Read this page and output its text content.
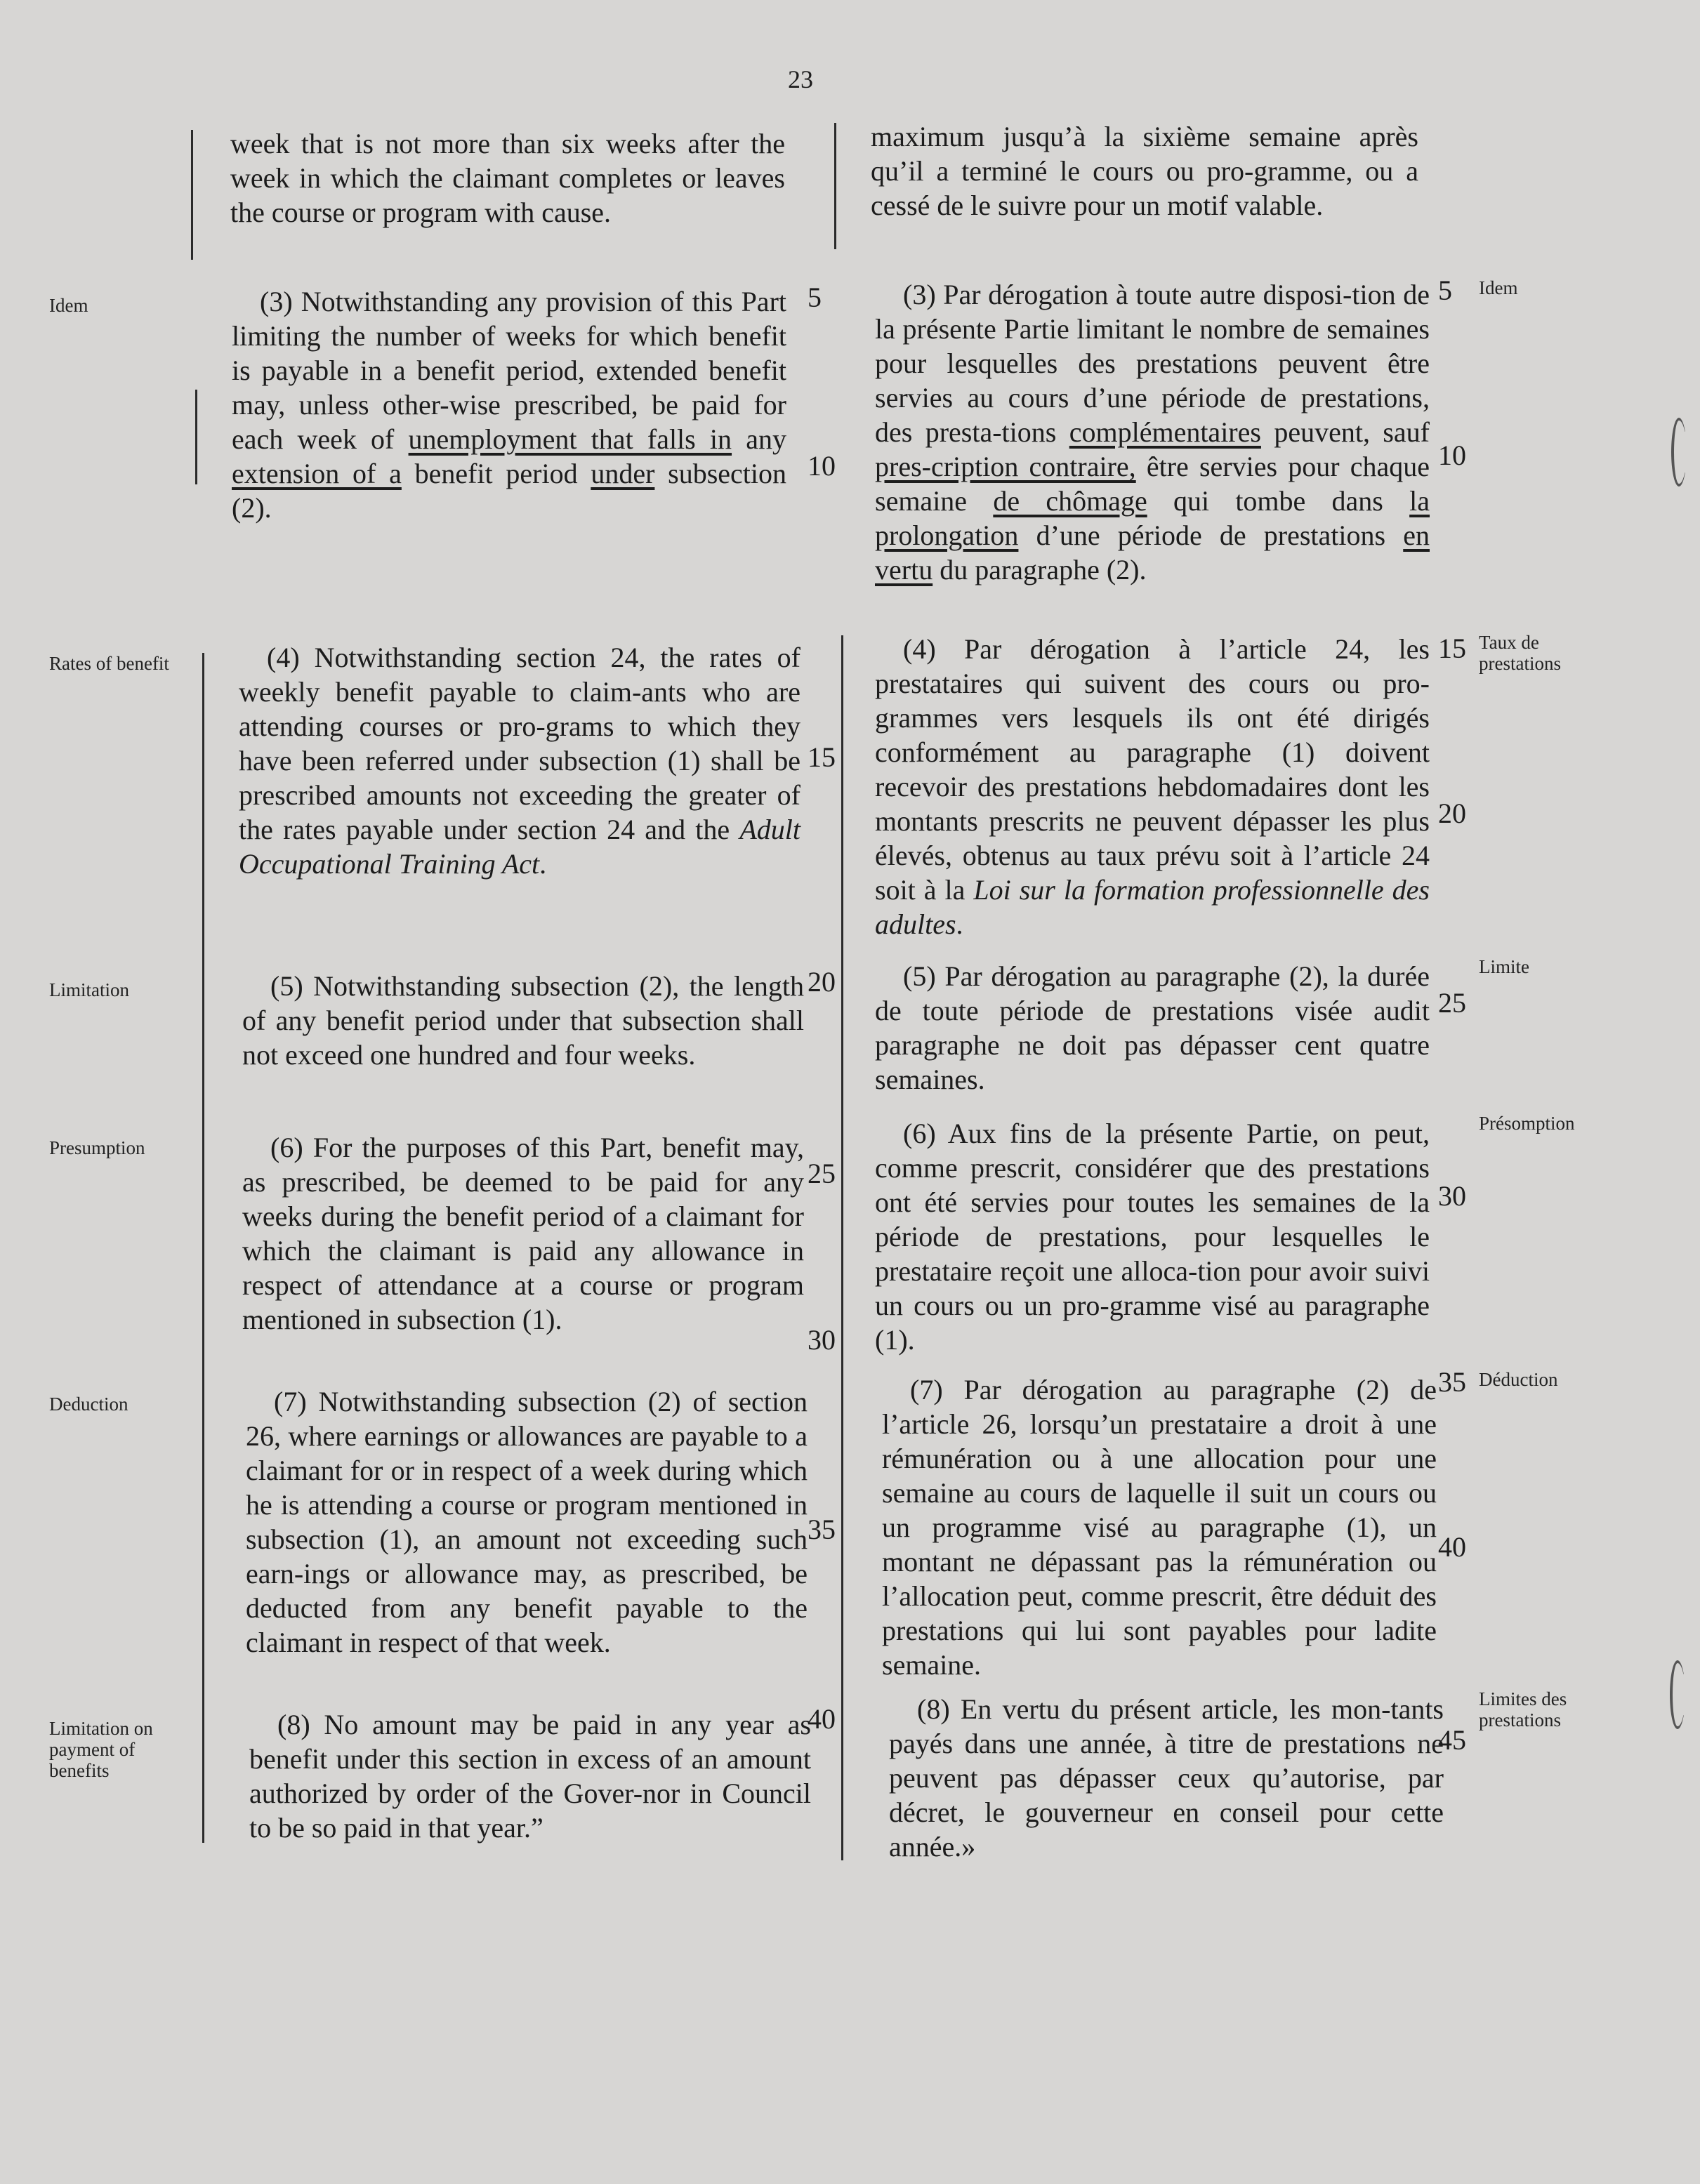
23
Idem
Rates of benefit
Limitation
Presumption
Deduction
Limitation on payment of benefits
Idem
Taux de prestations
Limite
Présomption
Déduction
Limites des prestations

week that is not more than six weeks after the week in which the claimant completes or leaves the course or program with cause.

(3) Notwithstanding any provision of this Part limiting the number of weeks for which benefit is payable in a benefit period, extended benefit may, unless other-wise prescribed, be paid for each week of unemployment that falls in any extension of a benefit period under subsection (2).

(4) Notwithstanding section 24, the rates of weekly benefit payable to claim-ants who are attending courses or pro-grams to which they have been referred under subsection (1) shall be prescribed amounts not exceeding the greater of the rates payable under section 24 and the Adult Occupational Training Act.

(5) Notwithstanding subsection (2), the length of any benefit period under that subsection shall not exceed one hundred and four weeks.

(6) For the purposes of this Part, benefit may, as prescribed, be deemed to be paid for any weeks during the benefit period of a claimant for which the claimant is paid any allowance in respect of attendance at a course or program mentioned in subsection (1).

(7) Notwithstanding subsection (2) of section 26, where earnings or allowances are payable to a claimant for or in respect of a week during which he is attending a course or program mentioned in subsection (1), an amount not exceeding such earn-ings or allowance may, as prescribed, be deducted from any benefit payable to the claimant in respect of that week.

(8) No amount may be paid in any year as benefit under this section in excess of an amount authorized by order of the Gover-nor in Council to be so paid in that year.”

5
10
15
20
25
30
35
40

maximum jusqu’à la sixième semaine après qu’il a terminé le cours ou pro-gramme, ou a cessé de le suivre pour un motif valable.

(3) Par dérogation à toute autre disposi-tion de la présente Partie limitant le nombre de semaines pour lesquelles des prestations peuvent être servies au cours d’une période de prestations, des presta-tions complémentaires peuvent, sauf pres-cription contraire, être servies pour chaque semaine de chômage qui tombe dans la prolongation d’une période de prestations en vertu du paragraphe (2).

(4) Par dérogation à l’article 24, les prestataires qui suivent des cours ou pro-grammes vers lesquels ils ont été dirigés conformément au paragraphe (1) doivent recevoir des prestations hebdomadaires dont les montants prescrits ne peuvent dépasser les plus élevés, obtenus au taux prévu soit à l’article 24 soit à la Loi sur la formation professionnelle des adultes.

(5) Par dérogation au paragraphe (2), la durée de toute période de prestations visée audit paragraphe ne doit pas dépasser cent quatre semaines.

(6) Aux fins de la présente Partie, on peut, comme prescrit, considérer que des prestations ont été servies pour toutes les semaines de la période de prestations, pour lesquelles le prestataire reçoit une alloca-tion pour avoir suivi un cours ou un pro-gramme visé au paragraphe (1).

(7) Par dérogation au paragraphe (2) de l’article 26, lorsqu’un prestataire a droit à une rémunération ou à une allocation pour une semaine au cours de laquelle il suit un cours ou un programme visé au paragraphe (1), un montant ne dépassant pas la rémunération ou l’allocation peut, comme prescrit, être déduit des prestations qui lui sont payables pour ladite semaine.

(8) En vertu du présent article, les mon-tants payés dans une année, à titre de prestations ne peuvent pas dépasser ceux qu’autorise, par décret, le gouverneur en conseil pour cette année.»

5
10
15
20
25
30
35
40
45
